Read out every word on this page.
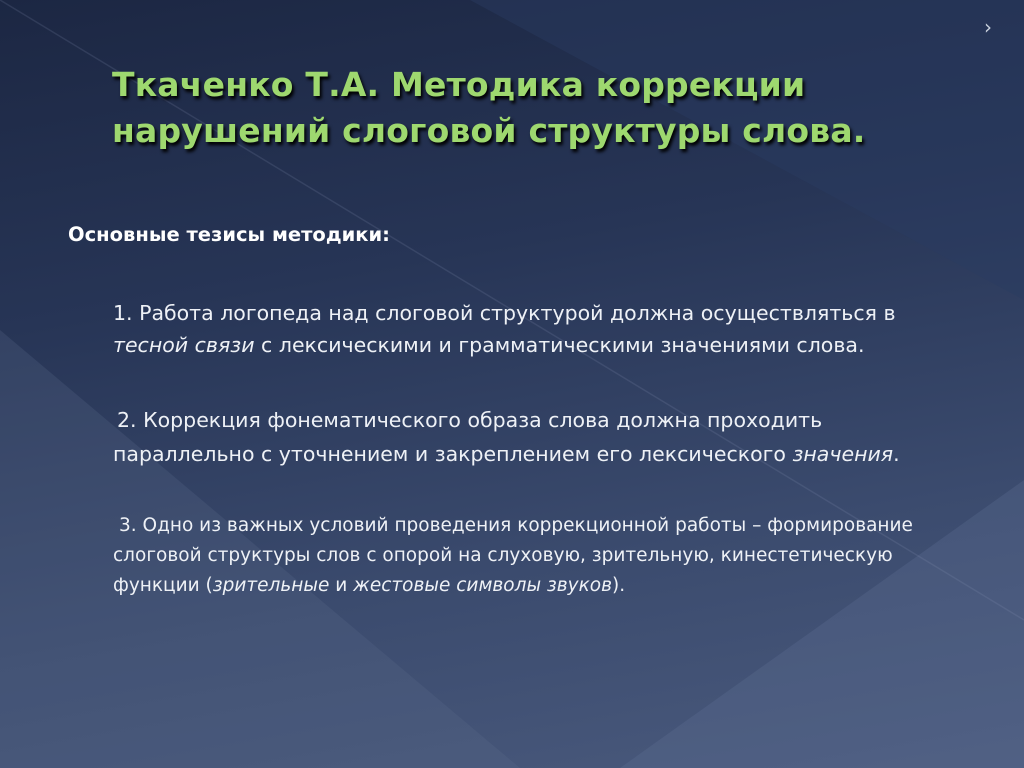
›
Ткаченко Т.А. Методика коррекции
нарушений слоговой структуры слова.

Основные тезисы методики:

1. Работа логопеда над слоговой структурой должна осуществляться в тесной связи с лексическими и грамматическими значениями слова.

2. Коррекция фонематического образа слова должна проходить параллельно с уточнением и закреплением его лексического значения.

3. Одно из важных условий проведения коррекционной работы – формирование слоговой структуры слов с опорой на слуховую, зрительную, кинестетическую функции (зрительные и жестовые символы звуков).
